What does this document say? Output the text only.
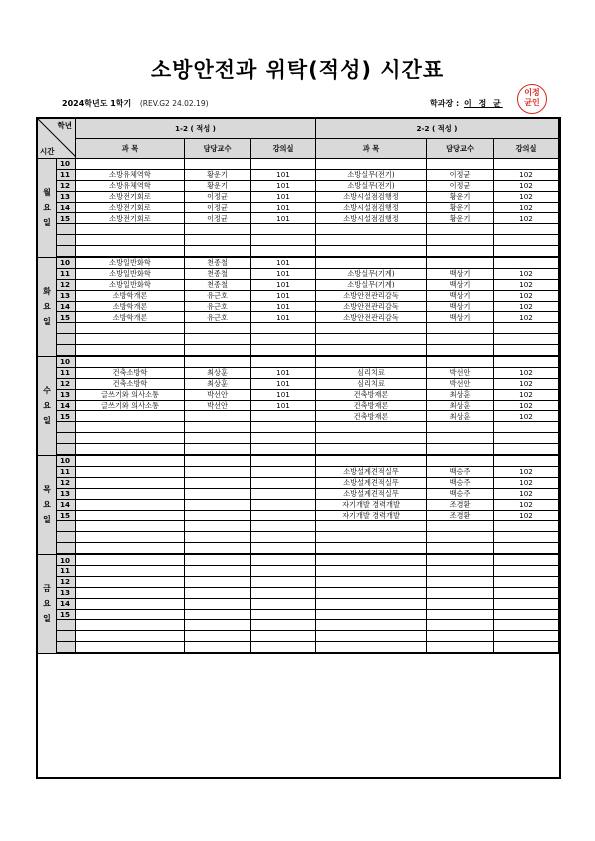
소방안전과 위탁(적성) 시간표
2024학년도 1학기 (REV.G2 24.02.19)	학과장 : 이 정 균
이정
균인
학년
시간		1-2 ( 적성 )			2-2 ( 적성 )		
		과 목	담당교수	강의실	과 목	담당교수	강의실
월
요
일	10						
	11	소방유체역학	황운기	101	소방실무(전기)	이정균	102
	12	소방유체역학	황운기	101	소방실무(전기)	이정균	102
	13	소방전기회로	이정균	101	소방시설점검행정	황운기	102
	14	소방전기회로	이정균	101	소방시설점검행정	황운기	102
	15	소방전기회로	이정균	101	소방시설점검행정	황운기	102

화
요
일	10	소방일반화학	천종철	101			
	11	소방일반화학	천종철	101	소방실무(기계)	백상기	102
	12	소방일반화학	천종철	101	소방실무(기계)	백상기	102
	13	소방학개론	유근호	101	소방안전관리감독	백상기	102
	14	소방학개론	유근호	101	소방안전관리감독	백상기	102
	15	소방학개론	유근호	101	소방안전관리감독	백상기	102

수
요
일	10						
	11	건축소방학	최상훈	101	심리치료	박선안	102
	12	건축소방학	최상훈	101	심리치료	박선안	102
	13	글쓰기와 의사소통	박선안	101	건축방재론	최상훈	102
	14	글쓰기와 의사소통	박선안	101	건축방재론	최상훈	102
	15				건축방재론	최상훈	102

목
요
일	10						
	11				소방설계견적실무	백승주	102
	12				소방설계견적실무	백승주	102
	13				소방설계견적실무	백승주	102
	14				자기개발 경력개발	조경환	102
	15				자기개발 경력개발	조경환	102

금
요
일	10						
	11						
	12						
	13						
	14						
	15						
